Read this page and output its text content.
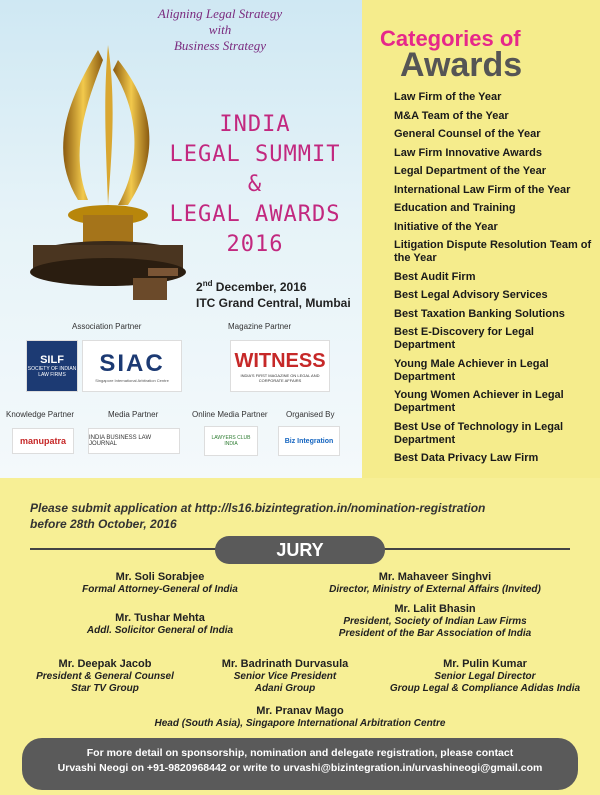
Aligning Legal Strategy
with
Business Strategy
INDIA
LEGAL SUMMIT
&
LEGAL AWARDS
2016
2nd December, 2016
ITC Grand Central, Mumbai
Association Partner	Magazine Partner
SILF
SOCIETY OF INDIAN LAW FIRMS	SIAC
Singapore International Arbitration Centre
WITNESS
INDIA'S FIRST MAGAZINE ON LEGAL AND CORPORATE AFFAIRS
Knowledge Partner	Media Partner	Online Media Partner Organised By
manupatra	INDIA BUSINESS LAW JOURNAL
LAWYERS CLUB INDIA	Biz Integration
Categories of
Awards
Law Firm of the Year
M&A Team of the Year
General Counsel of the Year
Law Firm Innovative Awards
Legal Department of the Year
International Law Firm of the Year
Education and Training
Initiative of the Year
Litigation Dispute Resolution Team of the Year
Best Audit Firm
Best Legal Advisory Services
Best Taxation Banking Solutions
Best E-Discovery for Legal Department
Young Male Achiever in Legal Department
Young Women Achiever in Legal Department
Best Use of Technology in Legal Department
Best Data Privacy Law Firm
Please submit application at http://ls16.bizintegration.in/nomination-registration
before 28th October, 2016
JURY
Mr. Soli Sorabjee
Formal Attorney-General of India
Mr. Mahaveer Singhvi
Director, Ministry of External Affairs (Invited)
Mr. Tushar Mehta
Addl. Solicitor General of India
Mr. Lalit Bhasin
President, Society of Indian Law Firms
President of the Bar Association of India
Mr. Deepak Jacob
President & General Counsel
Star TV Group
Mr. Badrinath Durvasula
Senior Vice President
Adani Group
Mr. Pulin Kumar
Senior Legal Director
Group Legal & Compliance Adidas India
Mr. Pranav Mago
Head (South Asia), Singapore International Arbitration Centre
For more detail on sponsorship, nomination and delegate registration, please contact
Urvashi Neogi on +91-9820968442 or write to urvashi@bizintegration.in/urvashineogi@gmail.com
